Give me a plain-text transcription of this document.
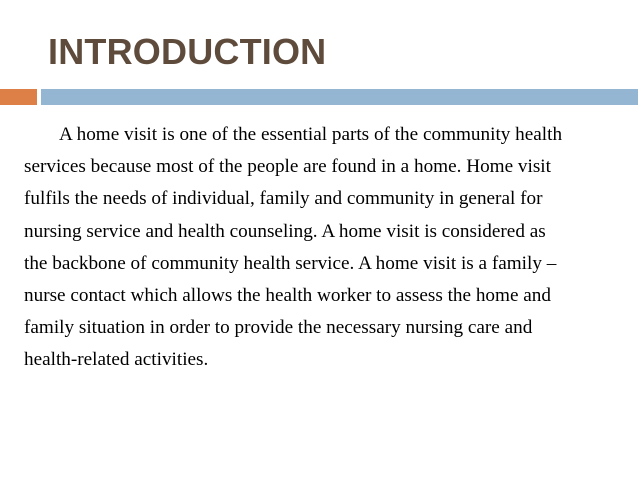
INTRODUCTION

A home visit is one of the essential parts of the community health
services because most of the people are found in a home. Home visit
fulfils the needs of individual, family and community in general for
nursing service and health counseling. A home visit is considered as
the backbone of community health service. A home visit is a family –
nurse contact which allows the health worker to assess the home and
family situation in order to provide the necessary nursing care and
health-related activities.
